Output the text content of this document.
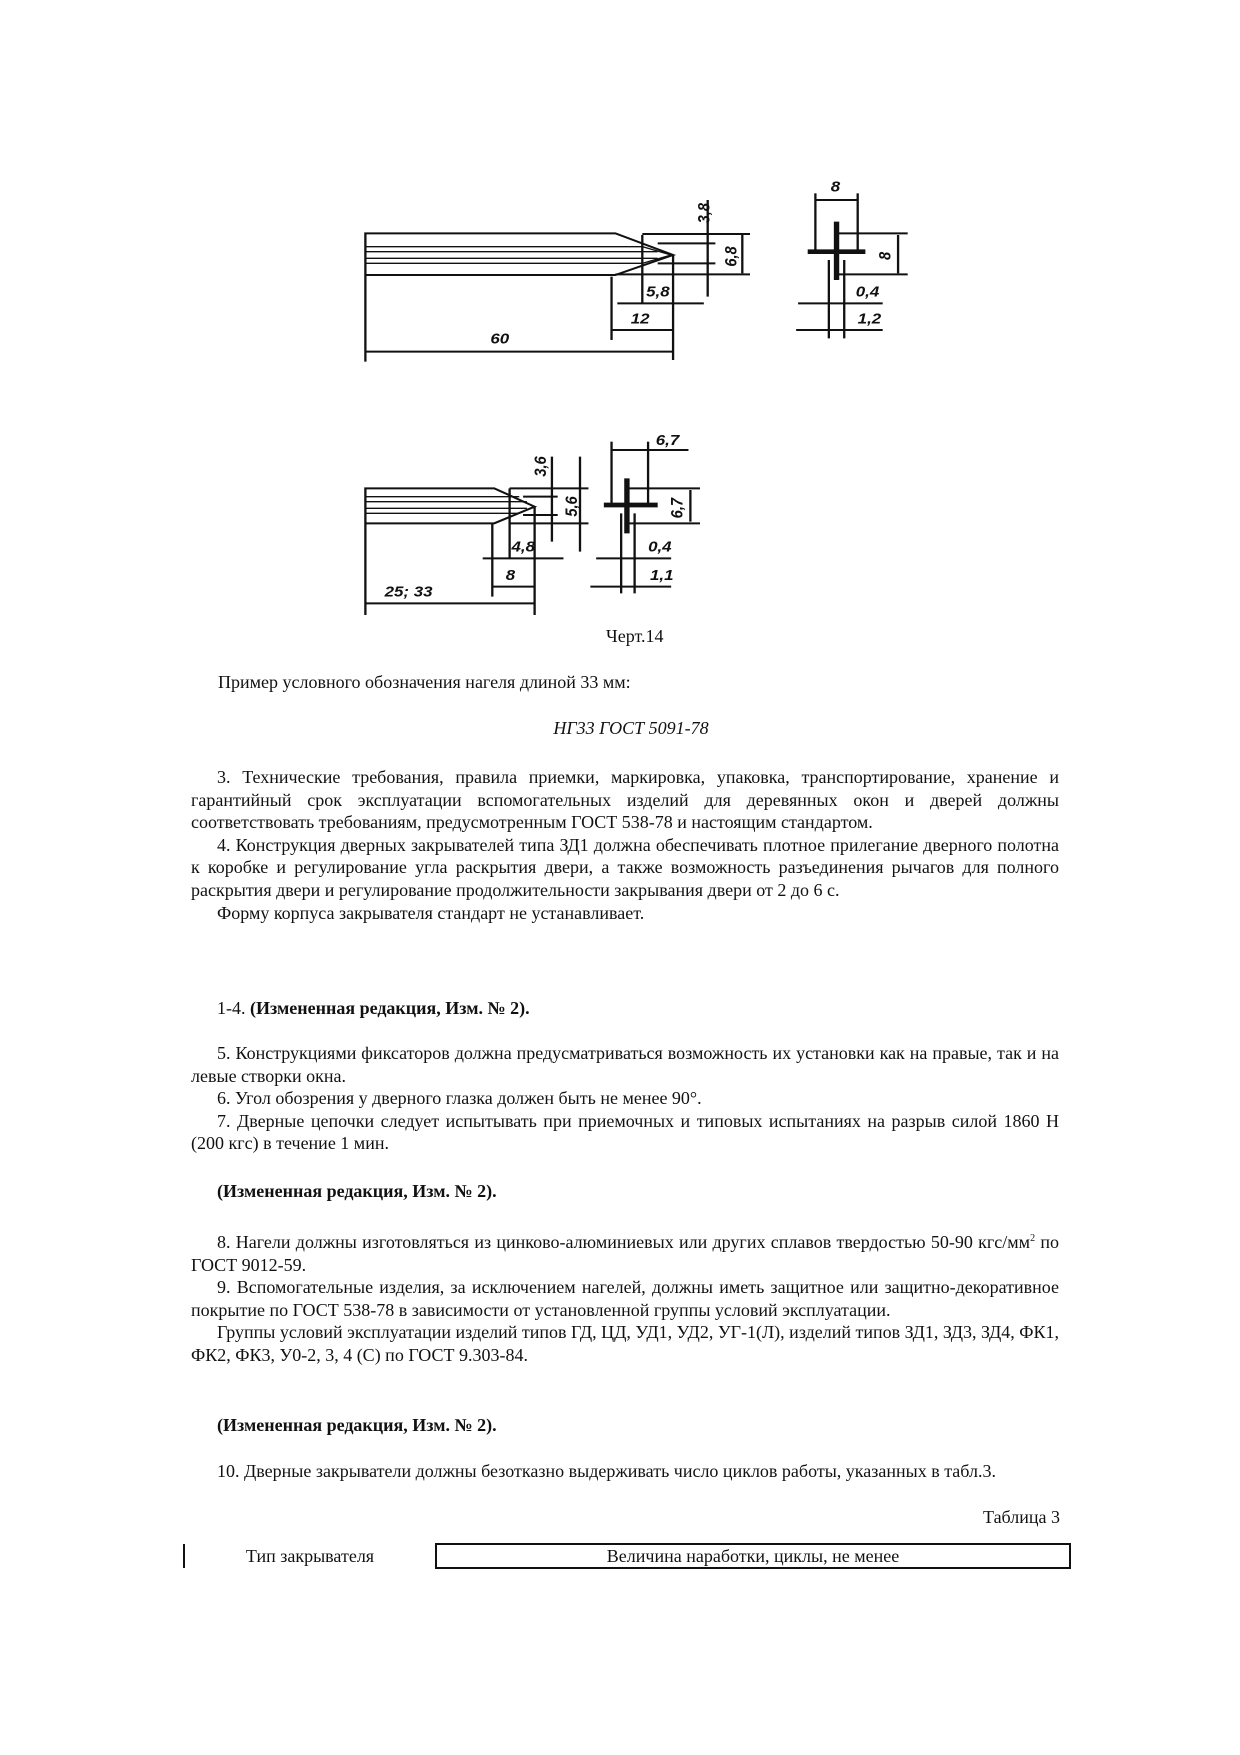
3,8
6,8
5,8
12
60
8
8
0,4
1,2
3,6
5,6
4,8
8
25; 33
6,7
6,7
0,4
1,1
Черт.14
Пример условного обозначения нагеля длиной 33 мм:
НГ33 ГОСТ 5091-78
3. Технические требования, правила приемки, маркировка, упаковка, транспортирование, хранение и гарантийный срок эксплуатации вспомогательных изделий для деревянных окон и дверей должны соответствовать требованиям, предусмотренным ГОСТ 538-78 и настоящим стандартом.
4. Конструкция дверных закрывателей типа ЗД1 должна обеспечивать плотное прилегание дверного полотна к коробке и регулирование угла раскрытия двери, а также возможность разъединения рычагов для полного раскрытия двери и регулирование продолжительности закрывания двери от 2 до 6 с.
Форму корпуса закрывателя стандарт не устанавливает.
1-4. (Измененная редакция, Изм. № 2).
5. Конструкциями фиксаторов должна предусматриваться возможность их установки как на правые, так и на левые створки окна.
6. Угол обозрения у дверного глазка должен быть не менее 90°.
7. Дверные цепочки следует испытывать при приемочных и типовых испытаниях на разрыв силой 1860 Н (200 кгс) в течение 1 мин.
(Измененная редакция, Изм. № 2).
8. Нагели должны изготовляться из цинково-алюминиевых или других сплавов твердостью 50-90 кгс/$мм^2$ по ГОСТ 9012-59.
9. Вспомогательные изделия, за исключением нагелей, должны иметь защитное или защитно-декоративное покрытие по ГОСТ 538-78 в зависимости от установленной группы условий эксплуатации.
Группы условий эксплуатации изделий типов ГД, ЦД, УД1, УД2, УГ-1(Л), изделий типов ЗД1, ЗД3, ЗД4, ФК1, ФК2, ФК3, У0-2, 3, 4 (С) по ГОСТ 9.303-84.
(Измененная редакция, Изм. № 2).
10. Дверные закрыватели должны безотказно выдерживать число циклов работы, указанных в табл.3.
Таблица 3
Тип закрывателя	Величина наработки, циклы, не менее
